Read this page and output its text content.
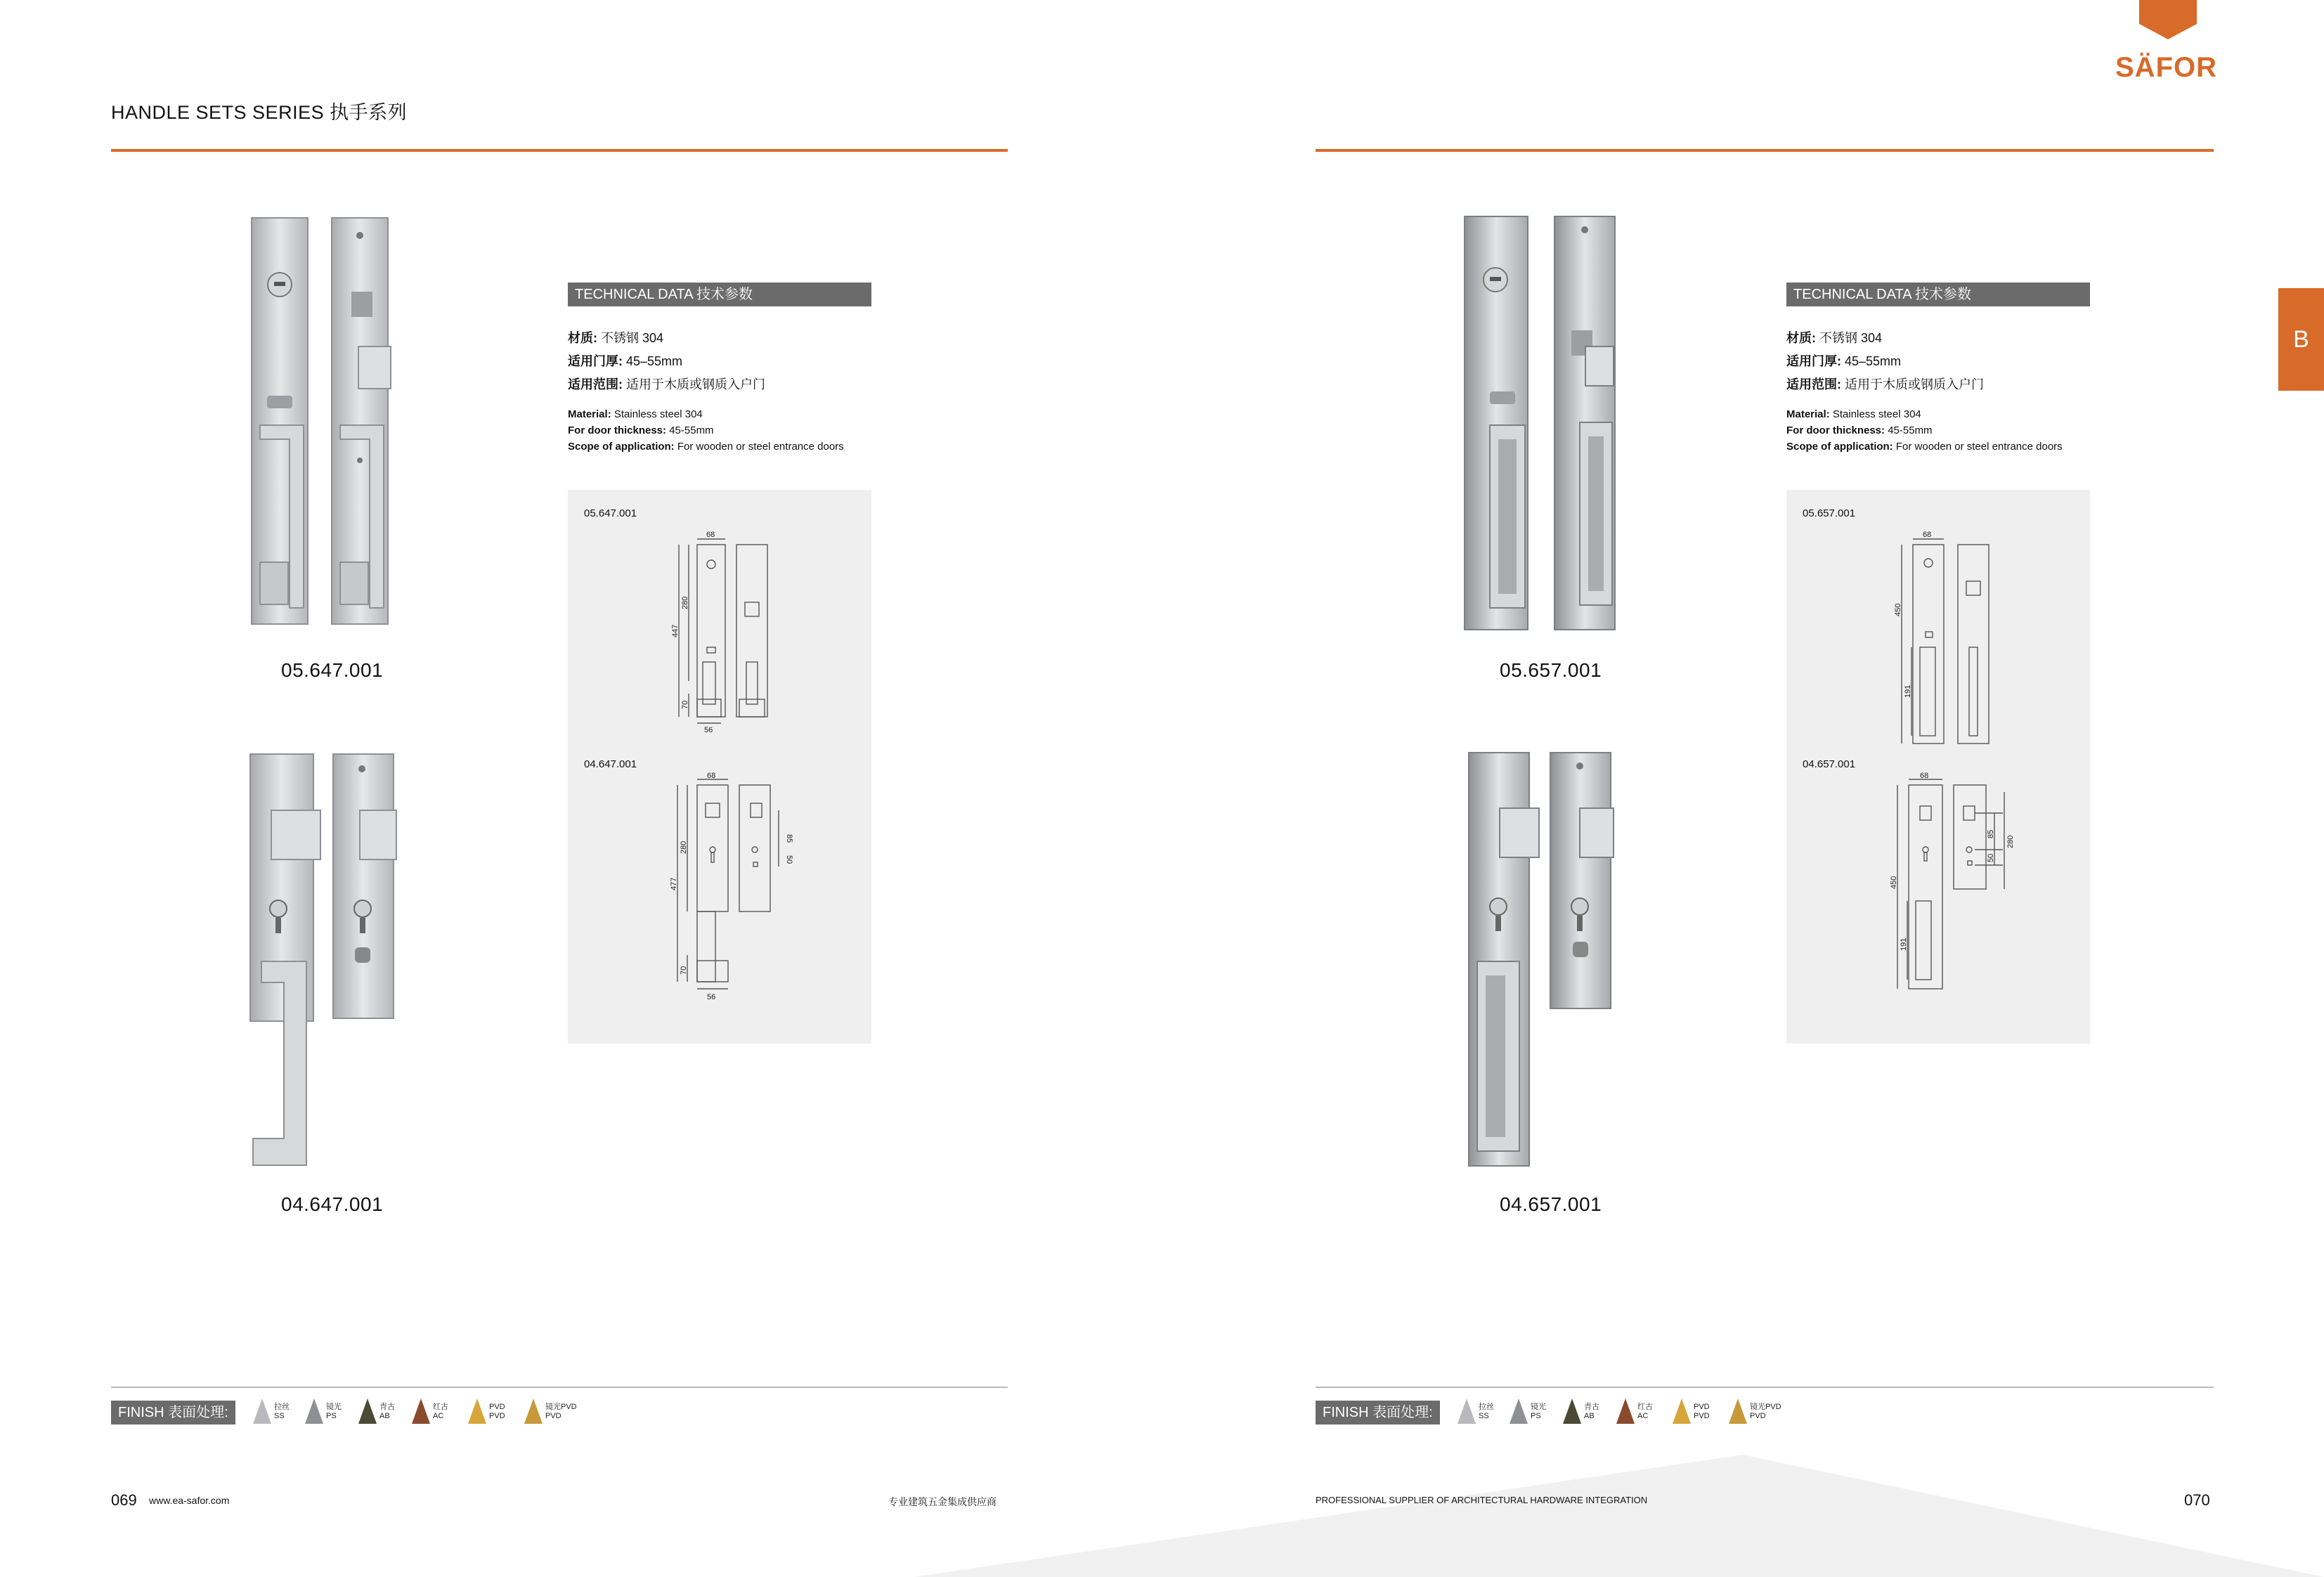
SÄFOR
B
HANDLE SETS SERIES 执手系列
05.647.001
04.647.001
TECHNICAL DATA 技术参数
材质: 不锈钢 304
适用门厚: 45–55mm
适用范围: 适用于木质或钢质入户门
Material: Stainless steel 304
For door thickness: 45-55mm
Scope of application: For wooden or steel entrance doors
05.647.001
68
280
447
70
56
04.647.001
68
280
477
70
56
85
50
FINISH 表面处理:	拉丝
SS
镜光
PS
青古
AB
红古
AC
PVD
PVD
镜光PVD
PVD
069 www.ea-safor.com	专业建筑五金集成供应商
05.657.001
04.657.001
TECHNICAL DATA 技术参数
材质: 不锈钢 304
适用门厚: 45–55mm
适用范围: 适用于木质或钢质入户门
Material: Stainless steel 304
For door thickness: 45-55mm
Scope of application: For wooden or steel entrance doors
05.657.001
68
450
191
04.657.001
68
450
191
85
50
280
FINISH 表面处理:	拉丝
SS
镜光
PS
青古
AB
红古
AC
PVD
PVD
镜光PVD
PVD
PROFESSIONAL SUPPLIER OF ARCHITECTURAL HARDWARE INTEGRATION	070
